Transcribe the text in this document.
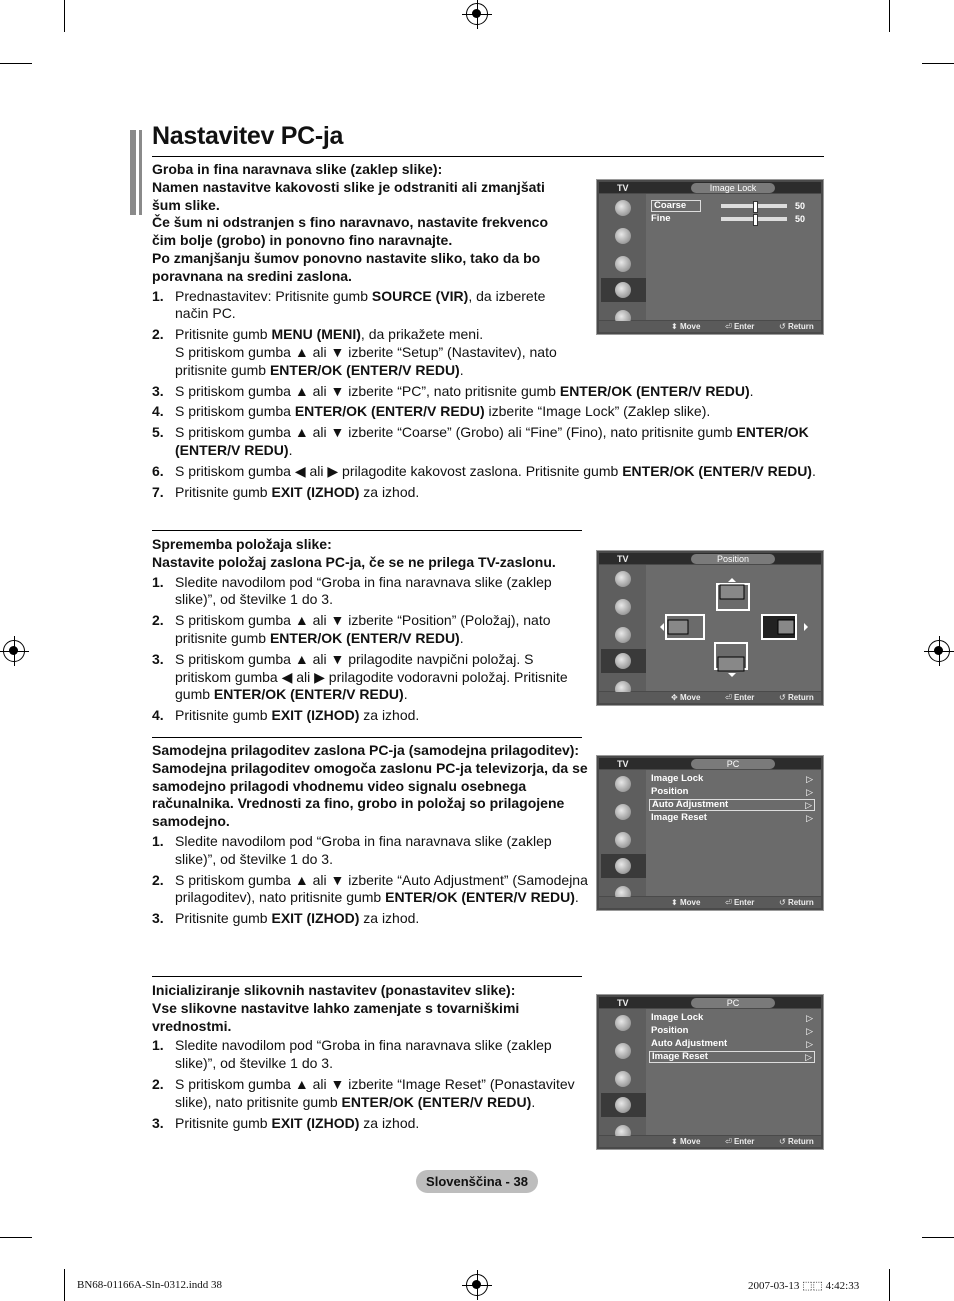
Nastavitev PC-ja
Groba in fina naravnava slike (zaklep slike):
Namen nastavitve kakovosti slike je odstraniti ali zmanjšati šum slike.
Če šum ni odstranjen s fino naravnavo, nastavite frekvenco čim bolje (grobo) in ponovno fino naravnajte.
Po zmanjšanju šumov ponovno nastavite sliko, tako da bo poravnana na sredini zaslona.
1. Prednastavitev: Pritisnite gumb SOURCE (VIR), da izberete način PC.
2. Pritisnite gumb MENU (MENI), da prikažete meni.
S pritiskom gumba ▲ ali ▼ izberite “Setup” (Nastavitev), nato pritisnite gumb ENTER/OK (ENTER/V REDU).
3. S pritiskom gumba ▲ ali ▼ izberite “PC”, nato pritisnite gumb ENTER/OK (ENTER/V REDU).
4. S pritiskom gumba ENTER/OK (ENTER/V REDU) izberite “Image Lock” (Zaklep slike).
5. S pritiskom gumba ▲ ali ▼ izberite “Coarse” (Grobo) ali “Fine” (Fino), nato pritisnite gumb ENTER/OK (ENTER/V REDU).
6. S pritiskom gumba ◀ ali ▶ prilagodite kakovost zaslona. Pritisnite gumb ENTER/OK (ENTER/V REDU).
7. Pritisnite gumb EXIT (IZHOD) za izhod.
Sprememba položaja slike:
Nastavite položaj zaslona PC-ja, če se ne prilega TV-zaslonu.
1. Sledite navodilom pod “Groba in fina naravnava slike (zaklep slike)”, od številke 1 do 3.
2. S pritiskom gumba ▲ ali ▼ izberite “Position” (Položaj), nato pritisnite gumb ENTER/OK (ENTER/V REDU).
3. S pritiskom gumba ▲ ali ▼ prilagodite navpični položaj. S pritiskom gumba ◀ ali ▶ prilagodite vodoravni položaj. Pritisnite gumb ENTER/OK (ENTER/V REDU).
4. Pritisnite gumb EXIT (IZHOD) za izhod.
Samodejna prilagoditev zaslona PC-ja (samodejna prilagoditev):
Samodejna prilagoditev omogoča zaslonu PC-ja televizorja, da se samodejno prilagodi vhodnemu video signalu osebnega računalnika. Vrednosti za fino, grobo in položaj so prilagojene samodejno.
1. Sledite navodilom pod “Groba in fina naravnava slike (zaklep slike)”, od številke 1 do 3.
2. S pritiskom gumba ▲ ali ▼ izberite “Auto Adjustment” (Samodejna prilagoditev), nato pritisnite gumb ENTER/OK (ENTER/V REDU).
3. Pritisnite gumb EXIT (IZHOD) za izhod.
Inicializiranje slikovnih nastavitev (ponastavitev slike):
Vse slikovne nastavitve lahko zamenjate s tovarniškimi vrednostmi.
1. Sledite navodilom pod “Groba in fina naravnava slike (zaklep slike)”, od številke 1 do 3.
2. S pritiskom gumba ▲ ali ▼ izberite “Image Reset” (Ponastavitev slike), nato pritisnite gumb ENTER/OK (ENTER/V REDU).
3. Pritisnite gumb EXIT (IZHOD) za izhod.
TV	Image Lock
Coarse	50
Fine	50
⬍ Move	⏎ Enter	↺ Return
TV	Position
✥ Move	⏎ Enter	↺ Return
TV	PC
Image Lock	▷
Position	▷
Auto Adjustment	▷
Image Reset	▷
⬍ Move	⏎ Enter	↺ Return
TV	PC
Image Lock	▷
Position	▷
Auto Adjustment	▷
Image Reset	▷
⬍ Move	⏎ Enter	↺ Return
Slovenščina - 38
BN68-01166A-Sln-0312.indd 38	2007-03-13 ⬚⬚ 4:42:33
